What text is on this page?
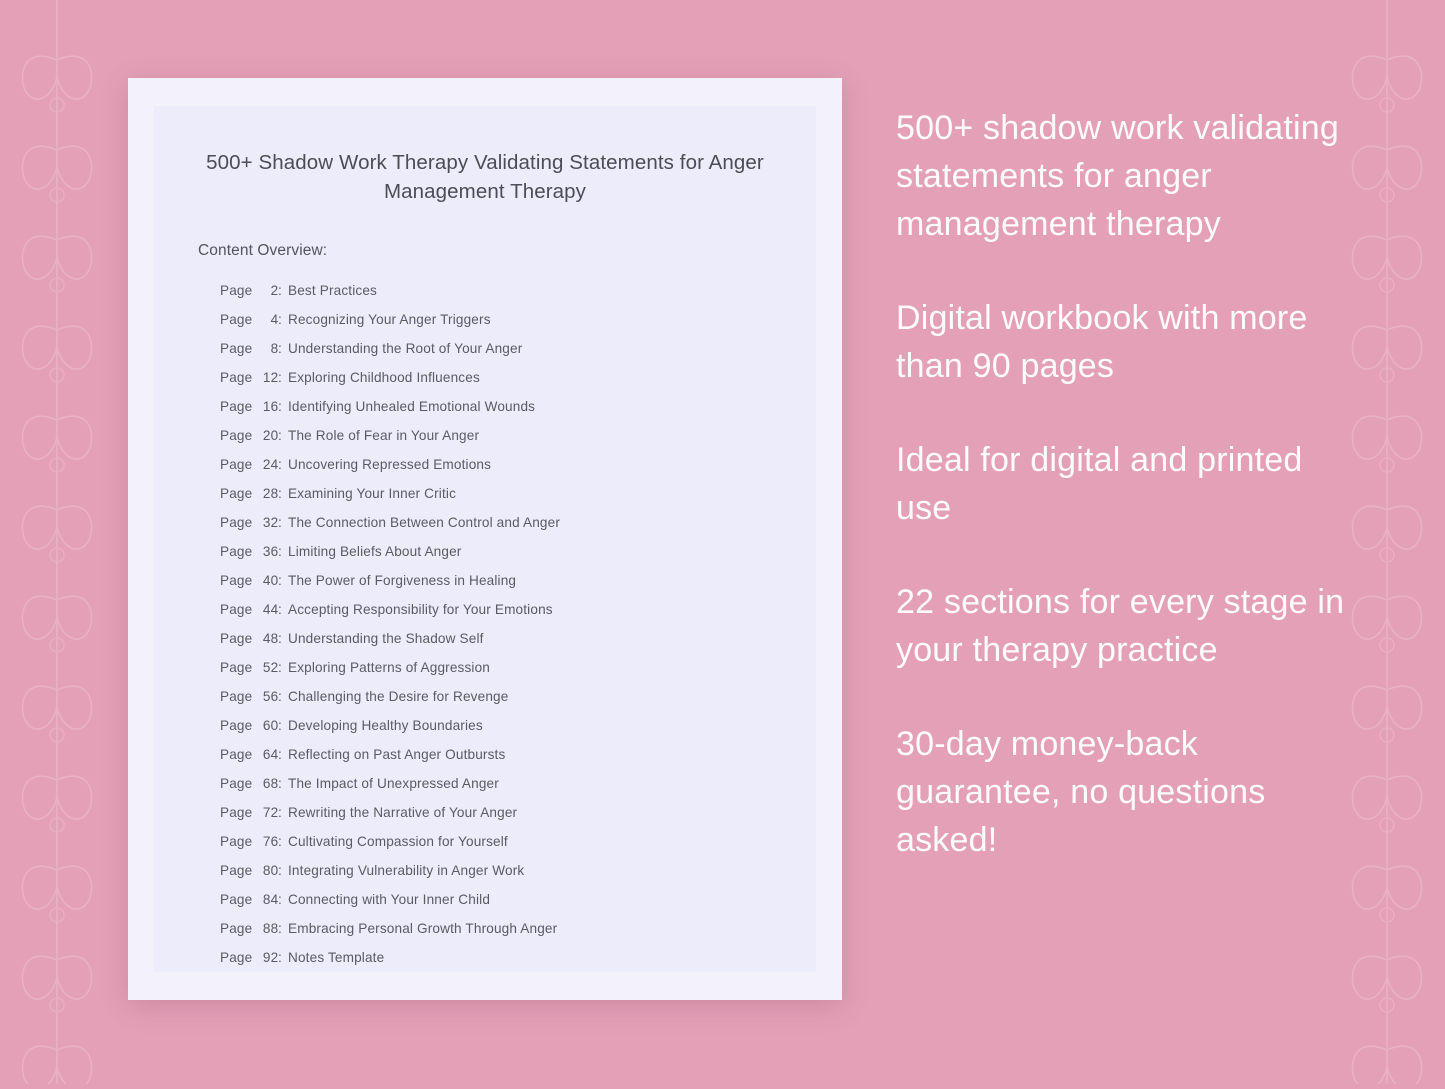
500+ Shadow Work Therapy Validating Statements for Anger Management Therapy
Content Overview:
Page 2 : Best Practices
Page 4 : Recognizing Your Anger Triggers
Page 8 : Understanding the Root of Your Anger
Page 12 : Exploring Childhood Influences
Page 16 : Identifying Unhealed Emotional Wounds
Page 20 : The Role of Fear in Your Anger
Page 24 : Uncovering Repressed Emotions
Page 28 : Examining Your Inner Critic
Page 32 : The Connection Between Control and Anger
Page 36 : Limiting Beliefs About Anger
Page 40 : The Power of Forgiveness in Healing
Page 44 : Accepting Responsibility for Your Emotions
Page 48 : Understanding the Shadow Self
Page 52 : Exploring Patterns of Aggression
Page 56 : Challenging the Desire for Revenge
Page 60 : Developing Healthy Boundaries
Page 64 : Reflecting on Past Anger Outbursts
Page 68 : The Impact of Unexpressed Anger
Page 72 : Rewriting the Narrative of Your Anger
Page 76 : Cultivating Compassion for Yourself
Page 80 : Integrating Vulnerability in Anger Work
Page 84 : Connecting with Your Inner Child
Page 88 : Embracing Personal Growth Through Anger
Page 92 : Notes Template

500+ shadow work validating statements for anger management therapy

Digital workbook with more than 90 pages

Ideal for digital and printed use

22 sections for every stage in your therapy practice

30-day money-back guarantee, no questions asked!
